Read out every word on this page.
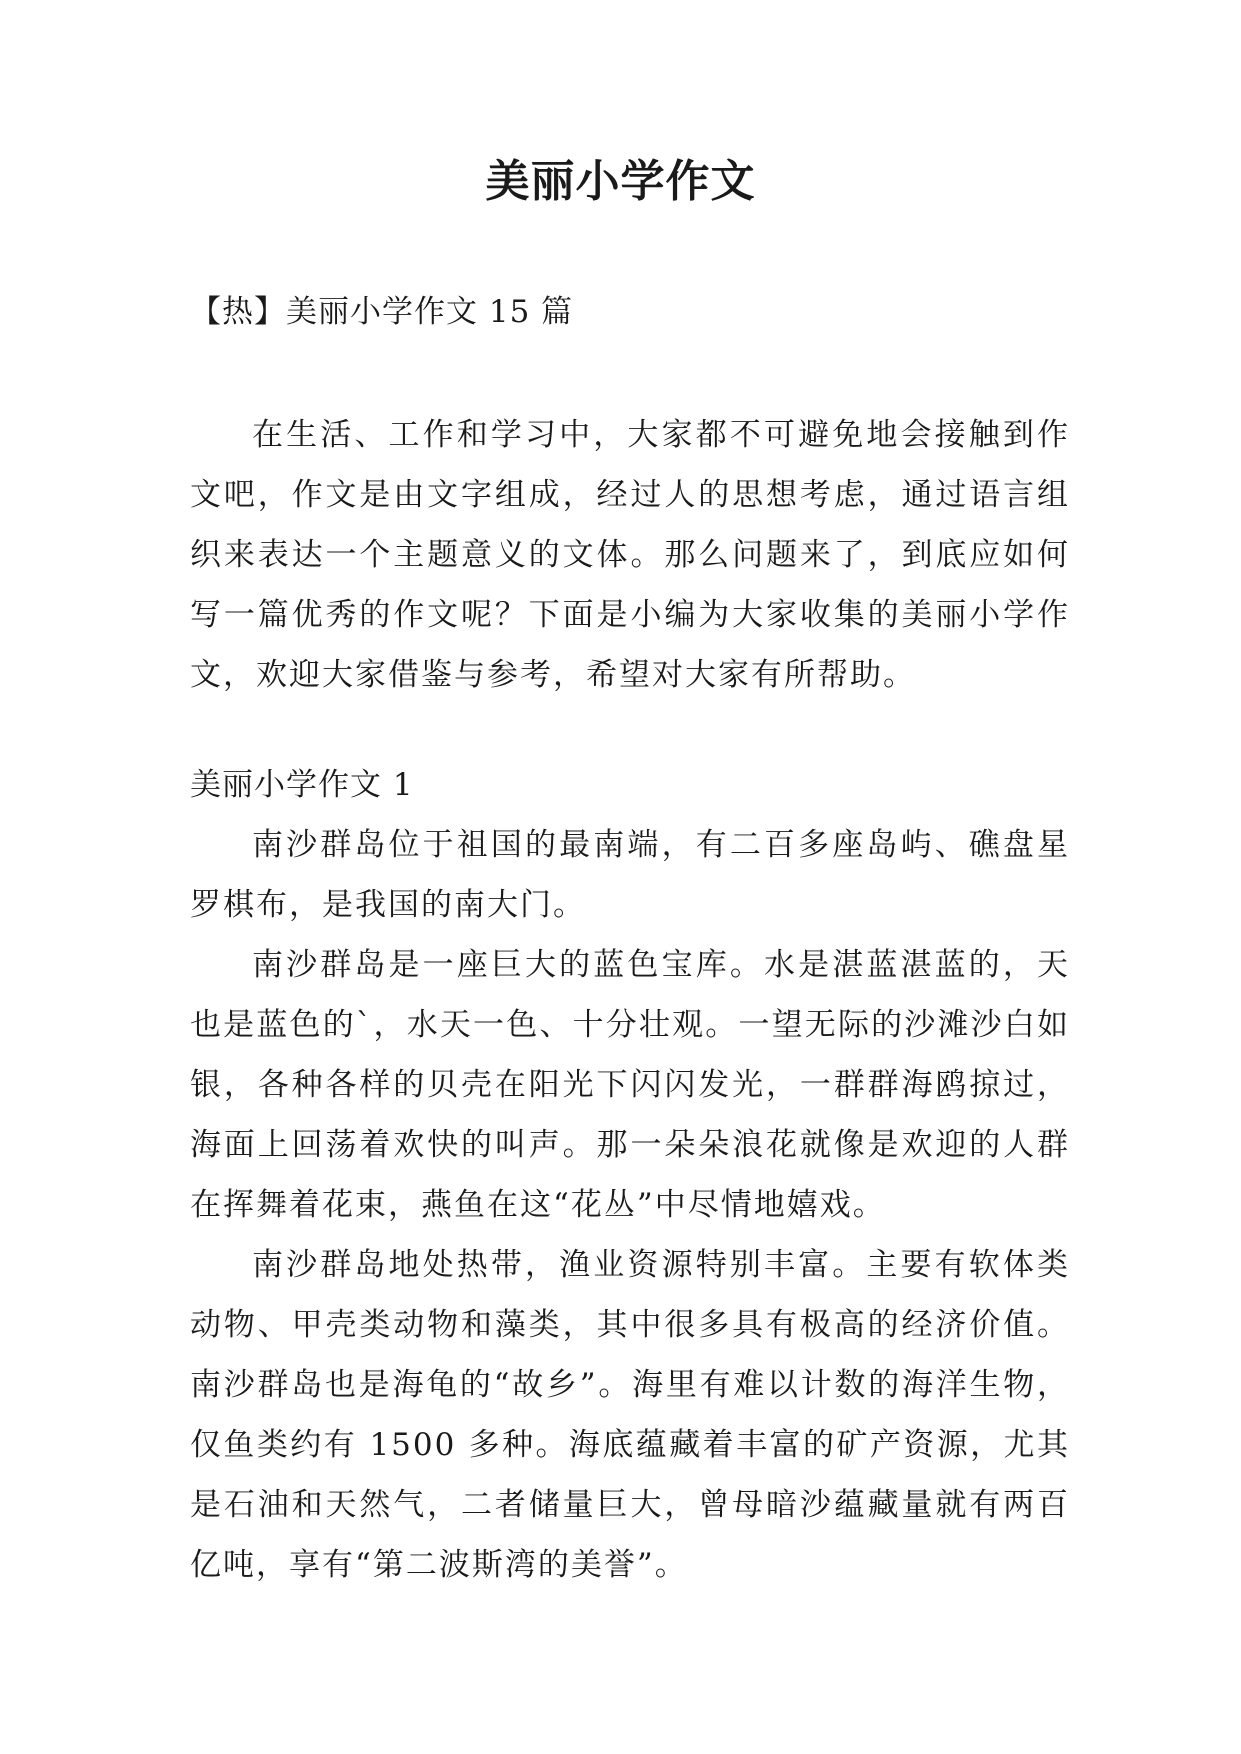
美丽小学作文

【热】美丽小学作文 15 篇

在生活、工作和学习中，大家都不可避免地会接触到作文吧，作文是由文字组成，经过人的思想考虑，通过语言组织来表达一个主题意义的文体。那么问题来了，到底应如何写一篇优秀的作文呢？下面是小编为大家收集的美丽小学作文，欢迎大家借鉴与参考，希望对大家有所帮助。

美丽小学作文 1

南沙群岛位于祖国的最南端，有二百多座岛屿、礁盘星罗棋布，是我国的南大门。

南沙群岛是一座巨大的蓝色宝库。水是湛蓝湛蓝的，天也是蓝色的`，水天一色、十分壮观。一望无际的沙滩沙白如银，各种各样的贝壳在阳光下闪闪发光，一群群海鸥掠过，海面上回荡着欢快的叫声。那一朵朵浪花就像是欢迎的人群在挥舞着花束，燕鱼在这“花丛”中尽情地嬉戏。

南沙群岛地处热带，渔业资源特别丰富。主要有软体类动物、甲壳类动物和藻类，其中很多具有极高的经济价值。南沙群岛也是海龟的“故乡”。海里有难以计数的海洋生物，仅鱼类约有 1500 多种。海底蕴藏着丰富的矿产资源，尤其是石油和天然气，二者储量巨大，曾母暗沙蕴藏量就有两百亿吨，享有“第二波斯湾的美誉”。
